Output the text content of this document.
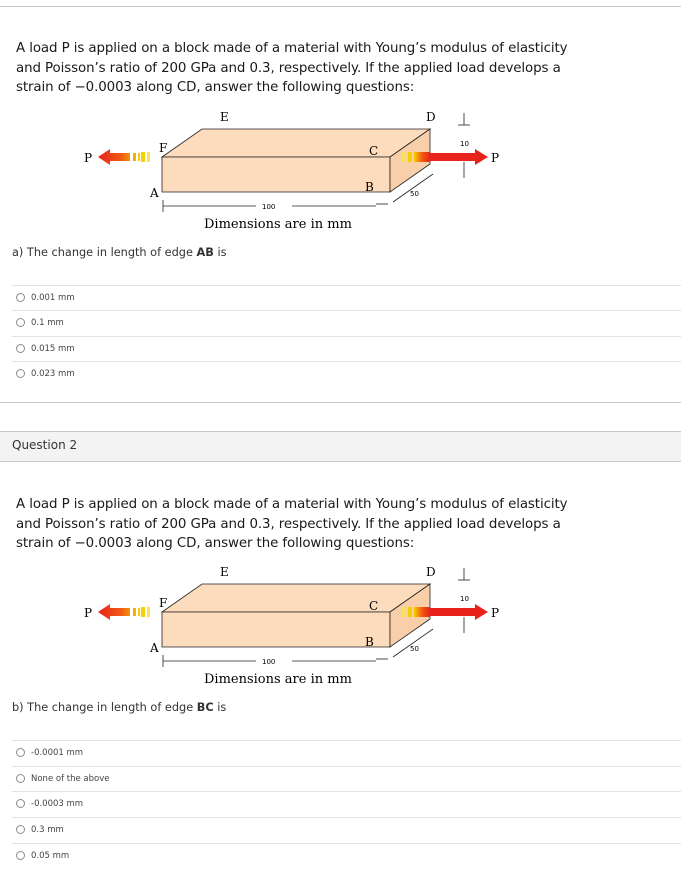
A load P is applied on a block made of a material with Young’s modulus of elasticity
and Poisson’s ratio of 200 GPa and 0.3, respectively. If the applied load develops a
strain of −0.0003 along CD, answer the following questions:
P	P
E	D
F	C
A	B
10
50
100
Dimensions are in mm
a) The change in length of edge AB is
0.001 mm
0.1 mm
0.015 mm
0.023 mm
Question 2
A load P is applied on a block made of a material with Young’s modulus of elasticity
and Poisson’s ratio of 200 GPa and 0.3, respectively. If the applied load develops a
strain of −0.0003 along CD, answer the following questions:
P	P
E	D
F	C
A	B
10
50
100
Dimensions are in mm
b) The change in length of edge BC is
-0.0001 mm
None of the above
-0.0003 mm
0.3 mm
0.05 mm
